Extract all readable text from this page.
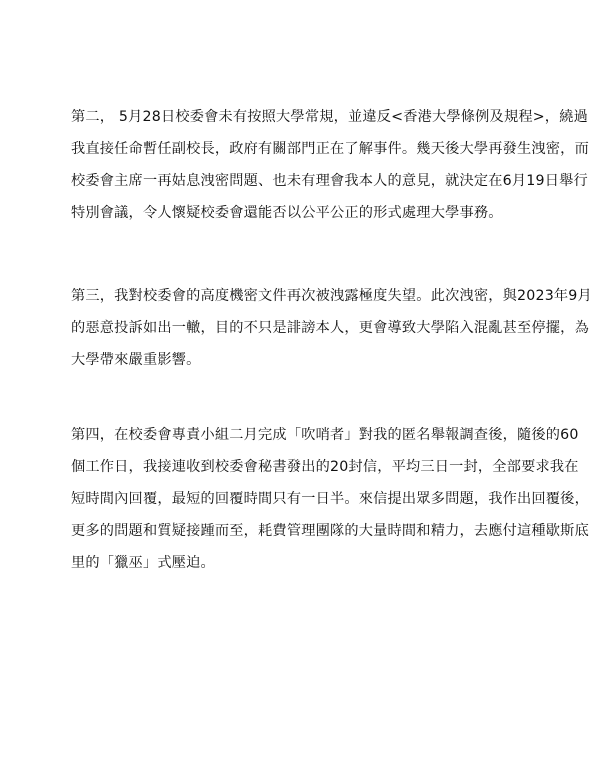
第二， 5月28日校委會未有按照大學常規，並違反<香港大學條例及規程>，繞過
我直接任命暫任副校長，政府有關部門正在了解事件。幾天後大學再發生洩密，而
校委會主席一再姑息洩密問題、也未有理會我本人的意見，就決定在6月19日舉行
特別會議，令人懷疑校委會還能否以公平公正的形式處理大學事務。

第三，我對校委會的高度機密文件再次被洩露極度失望。此次洩密，與2023年9月
的惡意投訴如出一轍，目的不只是誹謗本人，更會導致大學陷入混亂甚至停擺，為
大學帶來嚴重影響。

第四，在校委會專責小組二月完成「吹哨者」對我的匿名舉報調查後，隨後的60
個工作日，我接連收到校委會秘書發出的20封信，平均三日一封，全部要求我在
短時間內回覆，最短的回覆時間只有一日半。來信提出眾多問題，我作出回覆後，
更多的問題和質疑接踵而至，耗費管理團隊的大量時間和精力，去應付這種歇斯底
里的「獵巫」式壓迫。
